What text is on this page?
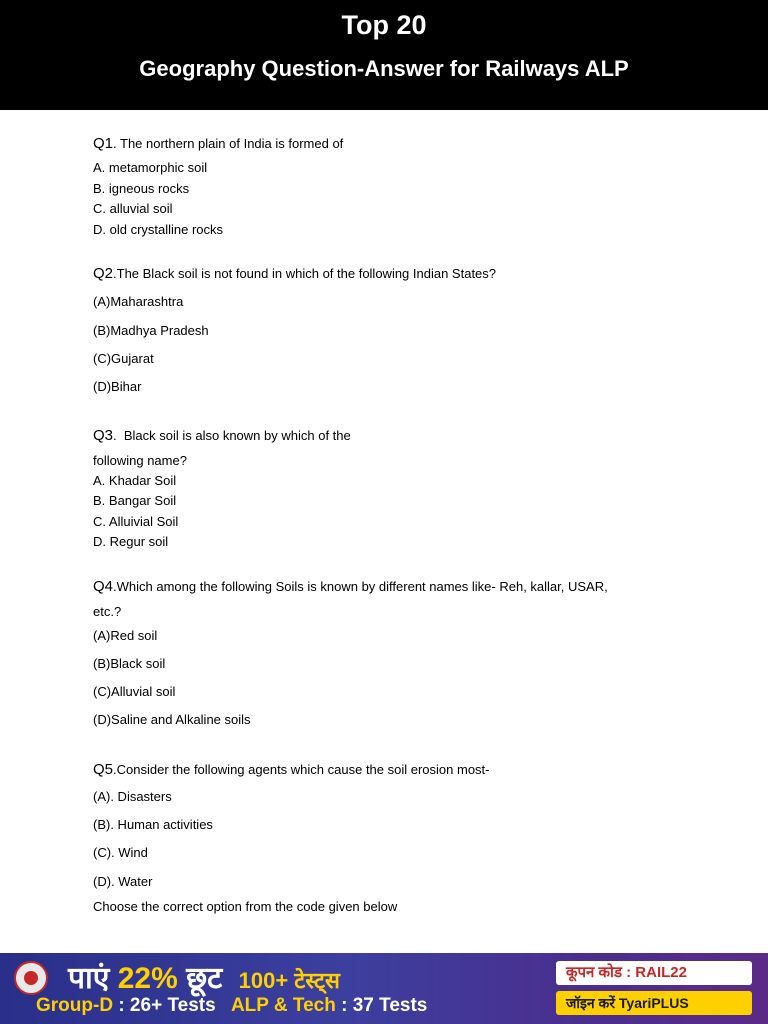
Top 20
Geography Question-Answer for Railways ALP
Q1. The northern plain of India is formed of
A. metamorphic soil
B. igneous rocks
C. alluvial soil
D. old crystalline rocks
Q2.The Black soil is not found in which of the following Indian States?
(A)Maharashtra
(B)Madhya Pradesh
(C)Gujarat
(D)Bihar
Q3.  Black soil is also known by which of the
following name?
A. Khadar Soil
B. Bangar Soil
C. Alluivial Soil
D. Regur soil
Q4.Which among the following Soils is known by different names like- Reh, kallar, USAR,
etc.?
(A)Red soil
(B)Black soil
(C)Alluvial soil
(D)Saline and Alkaline soils
Q5.Consider the following agents which cause the soil erosion most-
(A). Disasters
(B). Human activities
(C). Wind
(D). Water
Choose the correct option from the code given below
पाएं 22% छूट 100+ टेस्ट्स
Group-D : 26+ Tests ALP & Tech : 37 Tests
कूपन कोड : RAIL22
जॉइन करें TyariPLUS
